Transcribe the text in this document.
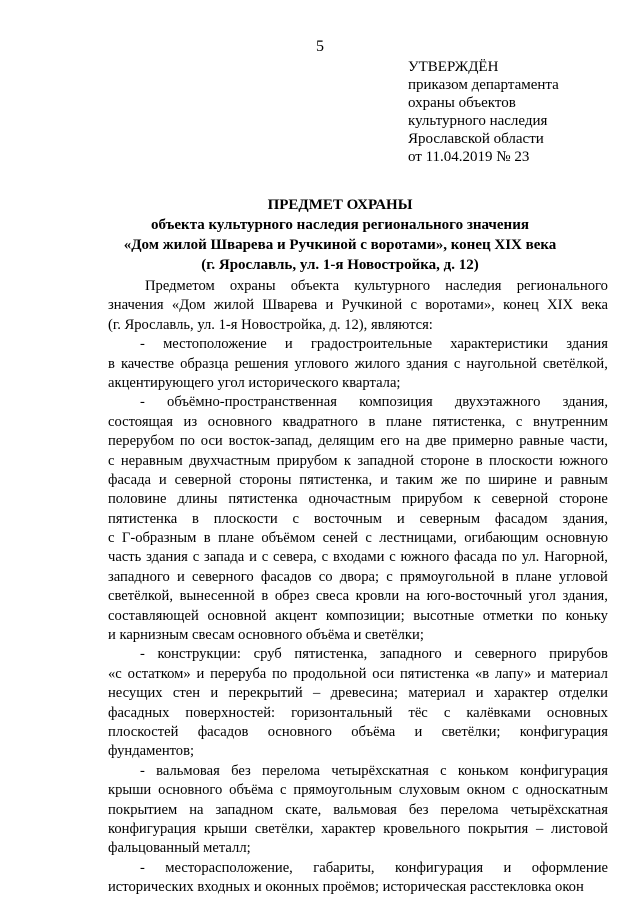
5
УТВЕРЖДЁН
приказом департамента
охраны объектов
культурного наследия
Ярославской области
от 11.04.2019 № 23
ПРЕДМЕТ ОХРАНЫ
объекта культурного наследия регионального значения
«Дом жилой Шварева и Ручкиной с воротами», конец XIX века
(г. Ярославль, ул. 1-я Новостройка, д. 12)
Предметом охраны объекта культурного наследия регионального
значения «Дом жилой Шварева и Ручкиной с воротами», конец XIX века
(г. Ярославль, ул. 1-я Новостройка, д. 12), являются:
- местоположение и градостроительные характеристики здания
в качестве образца решения углового жилого здания с наугольной светёлкой,
акцентирующего угол исторического квартала;
- объёмно-пространственная композиция двухэтажного здания,
состоящая из основного квадратного в плане пятистенка, с внутренним
перерубом по оси восток-запад, делящим его на две примерно равные части,
с неравным двухчастным прирубом к западной стороне в плоскости южного
фасада и северной стороны пятистенка, и таким же по ширине и равным
половине длины пятистенка одночастным прирубом к северной стороне
пятистенка в плоскости с восточным и северным фасадом здания,
с Г-образным в плане объёмом сеней с лестницами, огибающим основную
часть здания с запада и с севера, с входами с южного фасада по ул. Нагорной,
западного и северного фасадов со двора; с прямоугольной в плане угловой
светёлкой, вынесенной в обрез свеса кровли на юго-восточный угол здания,
составляющей основной акцент композиции; высотные отметки по коньку
и карнизным свесам основного объёма и светёлки;
- конструкции: сруб пятистенка, западного и северного прирубов
«с остатком» и переруба по продольной оси пятистенка «в лапу» и материал
несущих стен и перекрытий – древесина; материал и характер отделки
фасадных поверхностей: горизонтальный тёс с калёвками основных
плоскостей фасадов основного объёма и светёлки; конфигурация
фундаментов;
- вальмовая без перелома четырёхскатная с коньком конфигурация
крыши основного объёма с прямоугольным слуховым окном с односкатным
покрытием на западном скате, вальмовая без перелома четырёхскатная
конфигурация крыши светёлки, характер кровельного покрытия – листовой
фальцованный металл;
- месторасположение, габариты, конфигурация и оформление
исторических входных и оконных проёмов; историческая расстекловка окон
